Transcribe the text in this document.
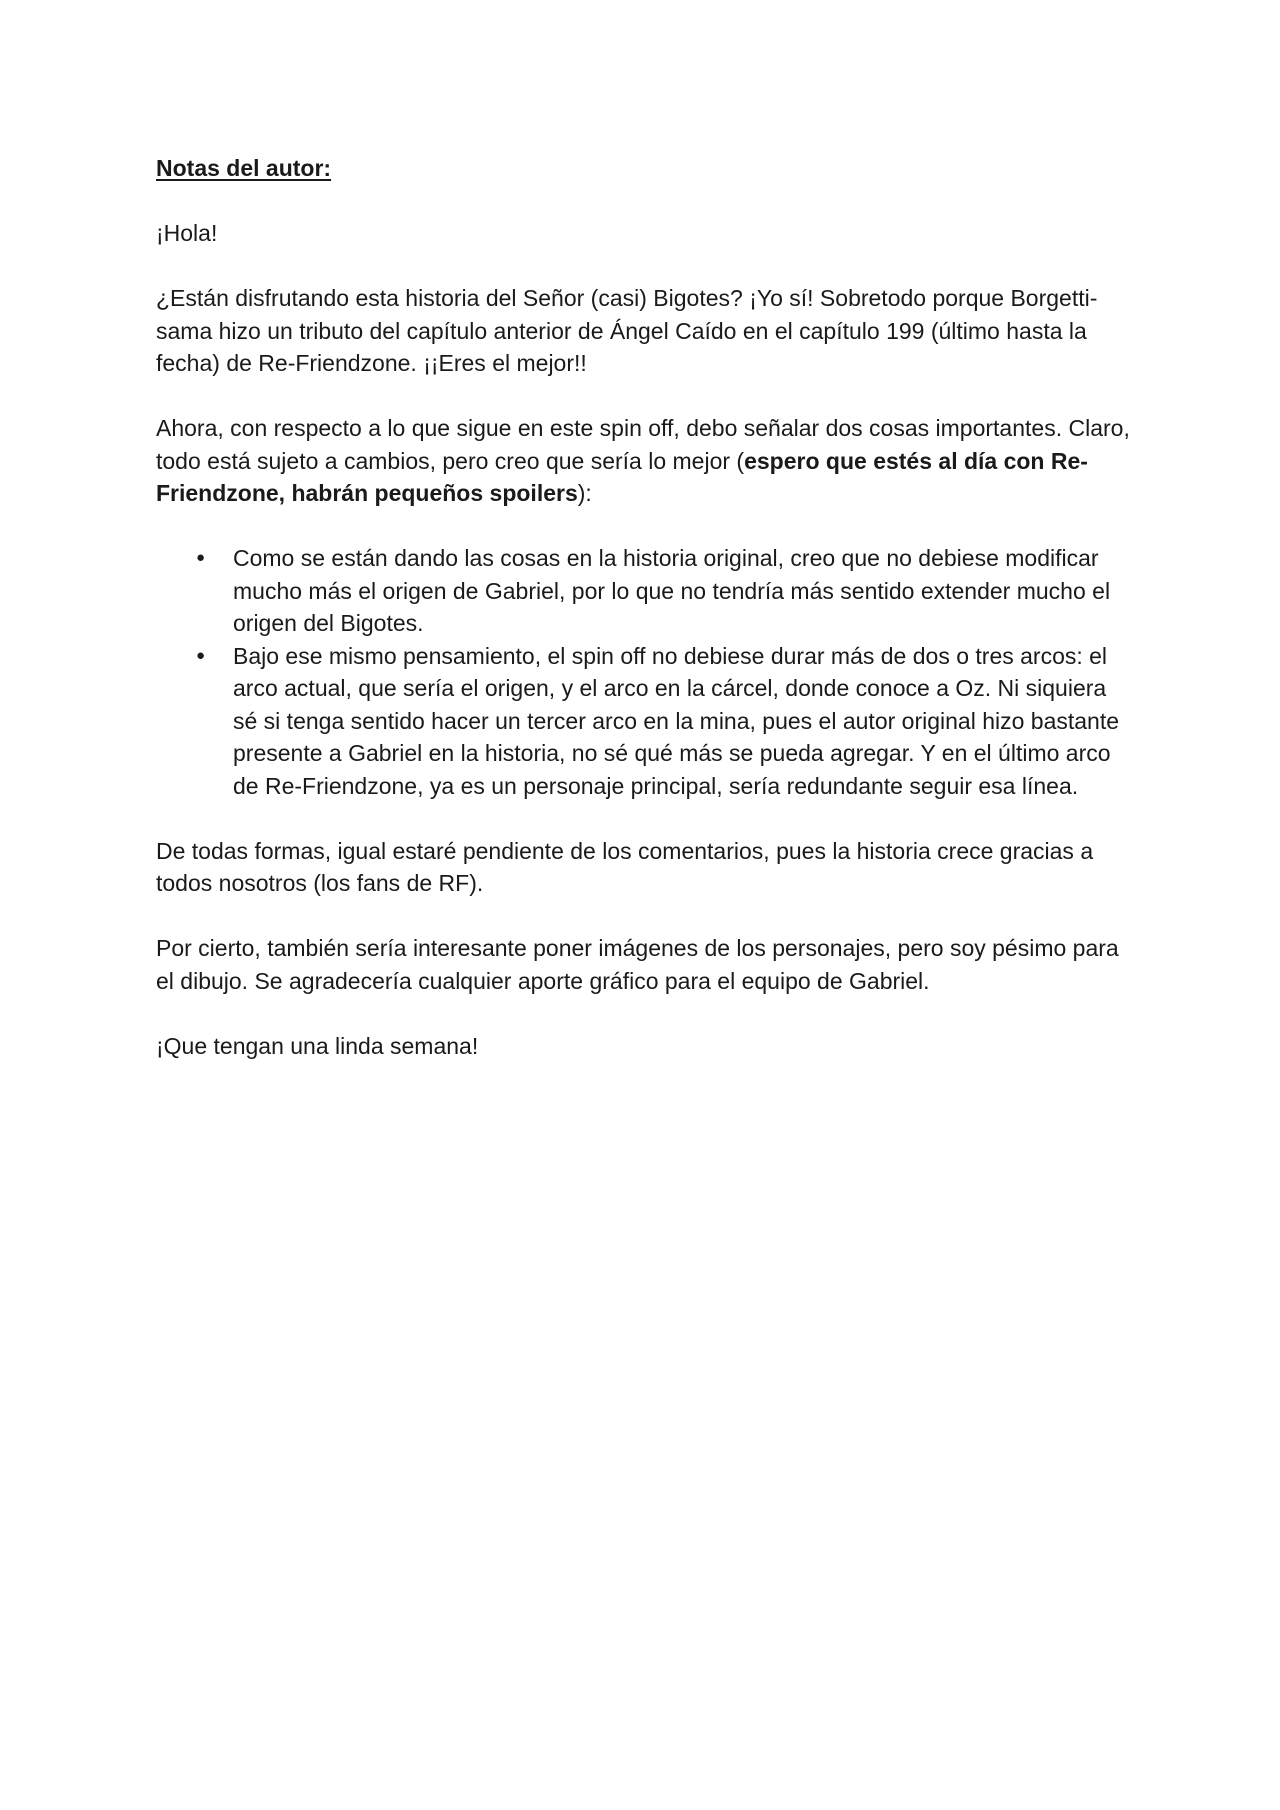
Notas del autor:

¡Hola!

¿Están disfrutando esta historia del Señor (casi) Bigotes? ¡Yo sí! Sobretodo porque Borgetti-sama hizo un tributo del capítulo anterior de Ángel Caído en el capítulo 199 (último hasta la fecha) de Re-Friendzone. ¡¡Eres el mejor!!

Ahora, con respecto a lo que sigue en este spin off, debo señalar dos cosas importantes. Claro, todo está sujeto a cambios, pero creo que sería lo mejor (espero que estés al día con Re-Friendzone, habrán pequeños spoilers):

● Como se están dando las cosas en la historia original, creo que no debiese modificar mucho más el origen de Gabriel, por lo que no tendría más sentido extender mucho el origen del Bigotes.
● Bajo ese mismo pensamiento, el spin off no debiese durar más de dos o tres arcos: el arco actual, que sería el origen, y el arco en la cárcel, donde conoce a Oz. Ni siquiera sé si tenga sentido hacer un tercer arco en la mina, pues el autor original hizo bastante presente a Gabriel en la historia, no sé qué más se pueda agregar. Y en el último arco de Re-Friendzone, ya es un personaje principal, sería redundante seguir esa línea.

De todas formas, igual estaré pendiente de los comentarios, pues la historia crece gracias a todos nosotros (los fans de RF).

Por cierto, también sería interesante poner imágenes de los personajes, pero soy pésimo para el dibujo. Se agradecería cualquier aporte gráfico para el equipo de Gabriel.

¡Que tengan una linda semana!
